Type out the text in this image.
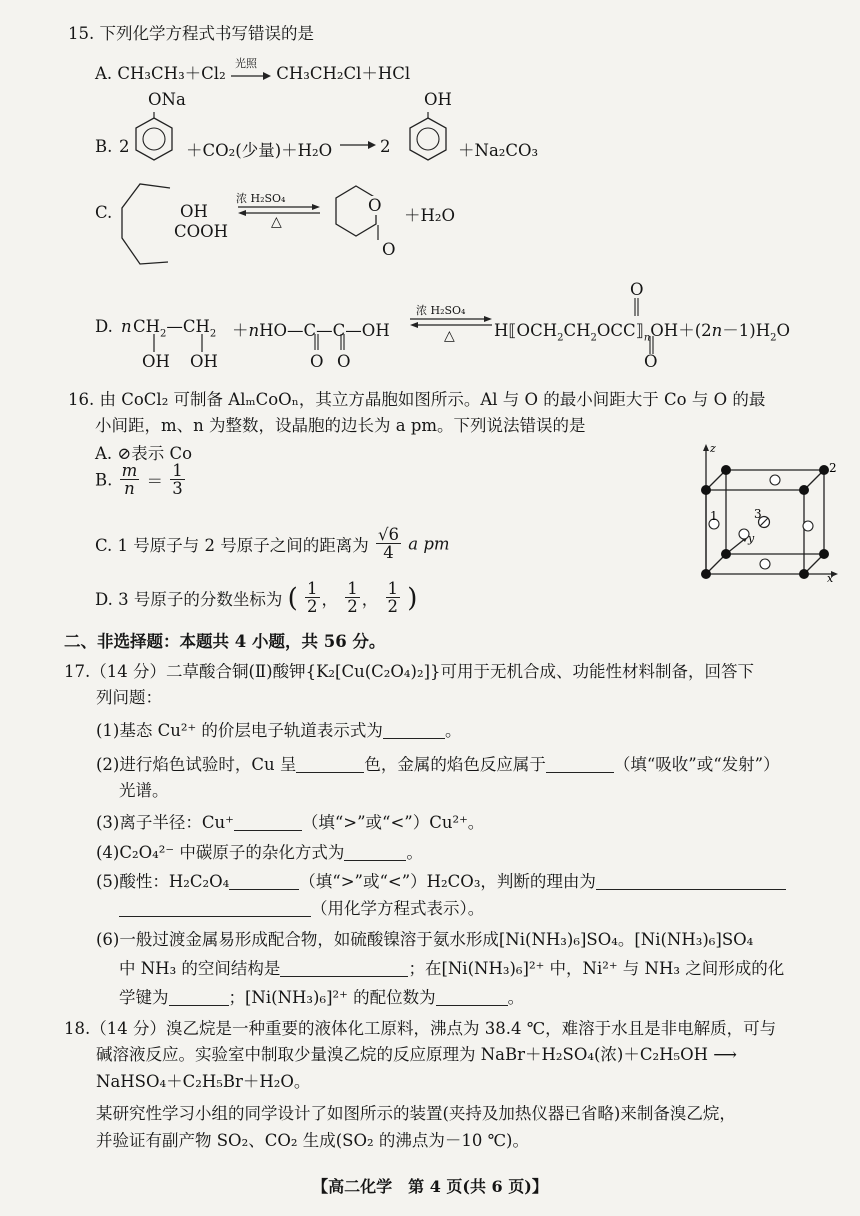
15. 下列化学方程式书写错误的是
A. CH₃CH₃＋Cl₂
光照
CH₃CH₂Cl＋HCl
B. 2
ONa
＋CO₂(少量)＋H₂O → 2
OH
＋Na₂CO₃
C.	OH
COOH
浓 H₂SO₄
△
O
O
＋H₂O
D. n $CH_2—CH_2$
OH OH
＋nHO—C—C—OH
O O
浓 H₂SO₄
△ $H⟦OCH_2CH_2OCC⟧_nOH+(2n-1)H_2O$
O
O
16. 由 CoCl₂ 可制备 AlₘCoOₙ，其立方晶胞如图所示。Al 与 O 的最小间距大于 Co 与 O 的最
小间距，m、n 为整数，设晶胞的边长为 a pm。下列说法错误的是
A. ⊘表示 Co
B. $\frac{m}{n} = \frac{1}{3}$
C. 1 号原子与 2 号原子之间的距离为 $\frac{√6}{4}$ a pm
D. 3 号原子的分数坐标为 ( $\frac{1}{2}$ ， $\frac{1}{2}$ ， $\frac{1}{2}$ )
z
y
x
1
2
3
二、非选择题：本题共 4 小题，共 56 分。
17.（14 分）二草酸合铜(Ⅱ)酸钾{K₂[Cu(C₂O₄)₂]}可用于无机合成、功能性材料制备，回答下
列问题：
(1)基态 Cu²⁺ 的价层电子轨道表示式为	。
(2)进行焰色试验时，Cu 呈	色，金属的焰色反应属于	（填“吸收”或“发射”）
光谱。
(3)离子半径：Cu⁺	（填“>”或“<”）Cu²⁺。
(4)C₂O₄²⁻ 中碳原子的杂化方式为	。
(5)酸性：H₂C₂O₄	（填“>”或“<”）H₂CO₃，判断的理由为
（用化学方程式表示）。
(6)一般过渡金属易形成配合物，如硫酸镍溶于氨水形成[Ni(NH₃)₆]SO₄。[Ni(NH₃)₆]SO₄
中 NH₃ 的空间结构是	；在[Ni(NH₃)₆]²⁺ 中，Ni²⁺ 与 NH₃ 之间形成的化
学键为	；[Ni(NH₃)₆]²⁺ 的配位数为	。
18.（14 分）溴乙烷是一种重要的液体化工原料，沸点为 38.4 ℃，难溶于水且是非电解质，可与
碱溶液反应。实验室中制取少量溴乙烷的反应原理为 NaBr＋H₂SO₄(浓)＋C₂H₅OH ⟶
NaHSO₄＋C₂H₅Br＋H₂O。
某研究性学习小组的同学设计了如图所示的装置(夹持及加热仪器已省略)来制备溴乙烷，
并验证有副产物 SO₂、CO₂ 生成(SO₂ 的沸点为－10 ℃)。
【高二化学　第 4 页(共 6 页)】
